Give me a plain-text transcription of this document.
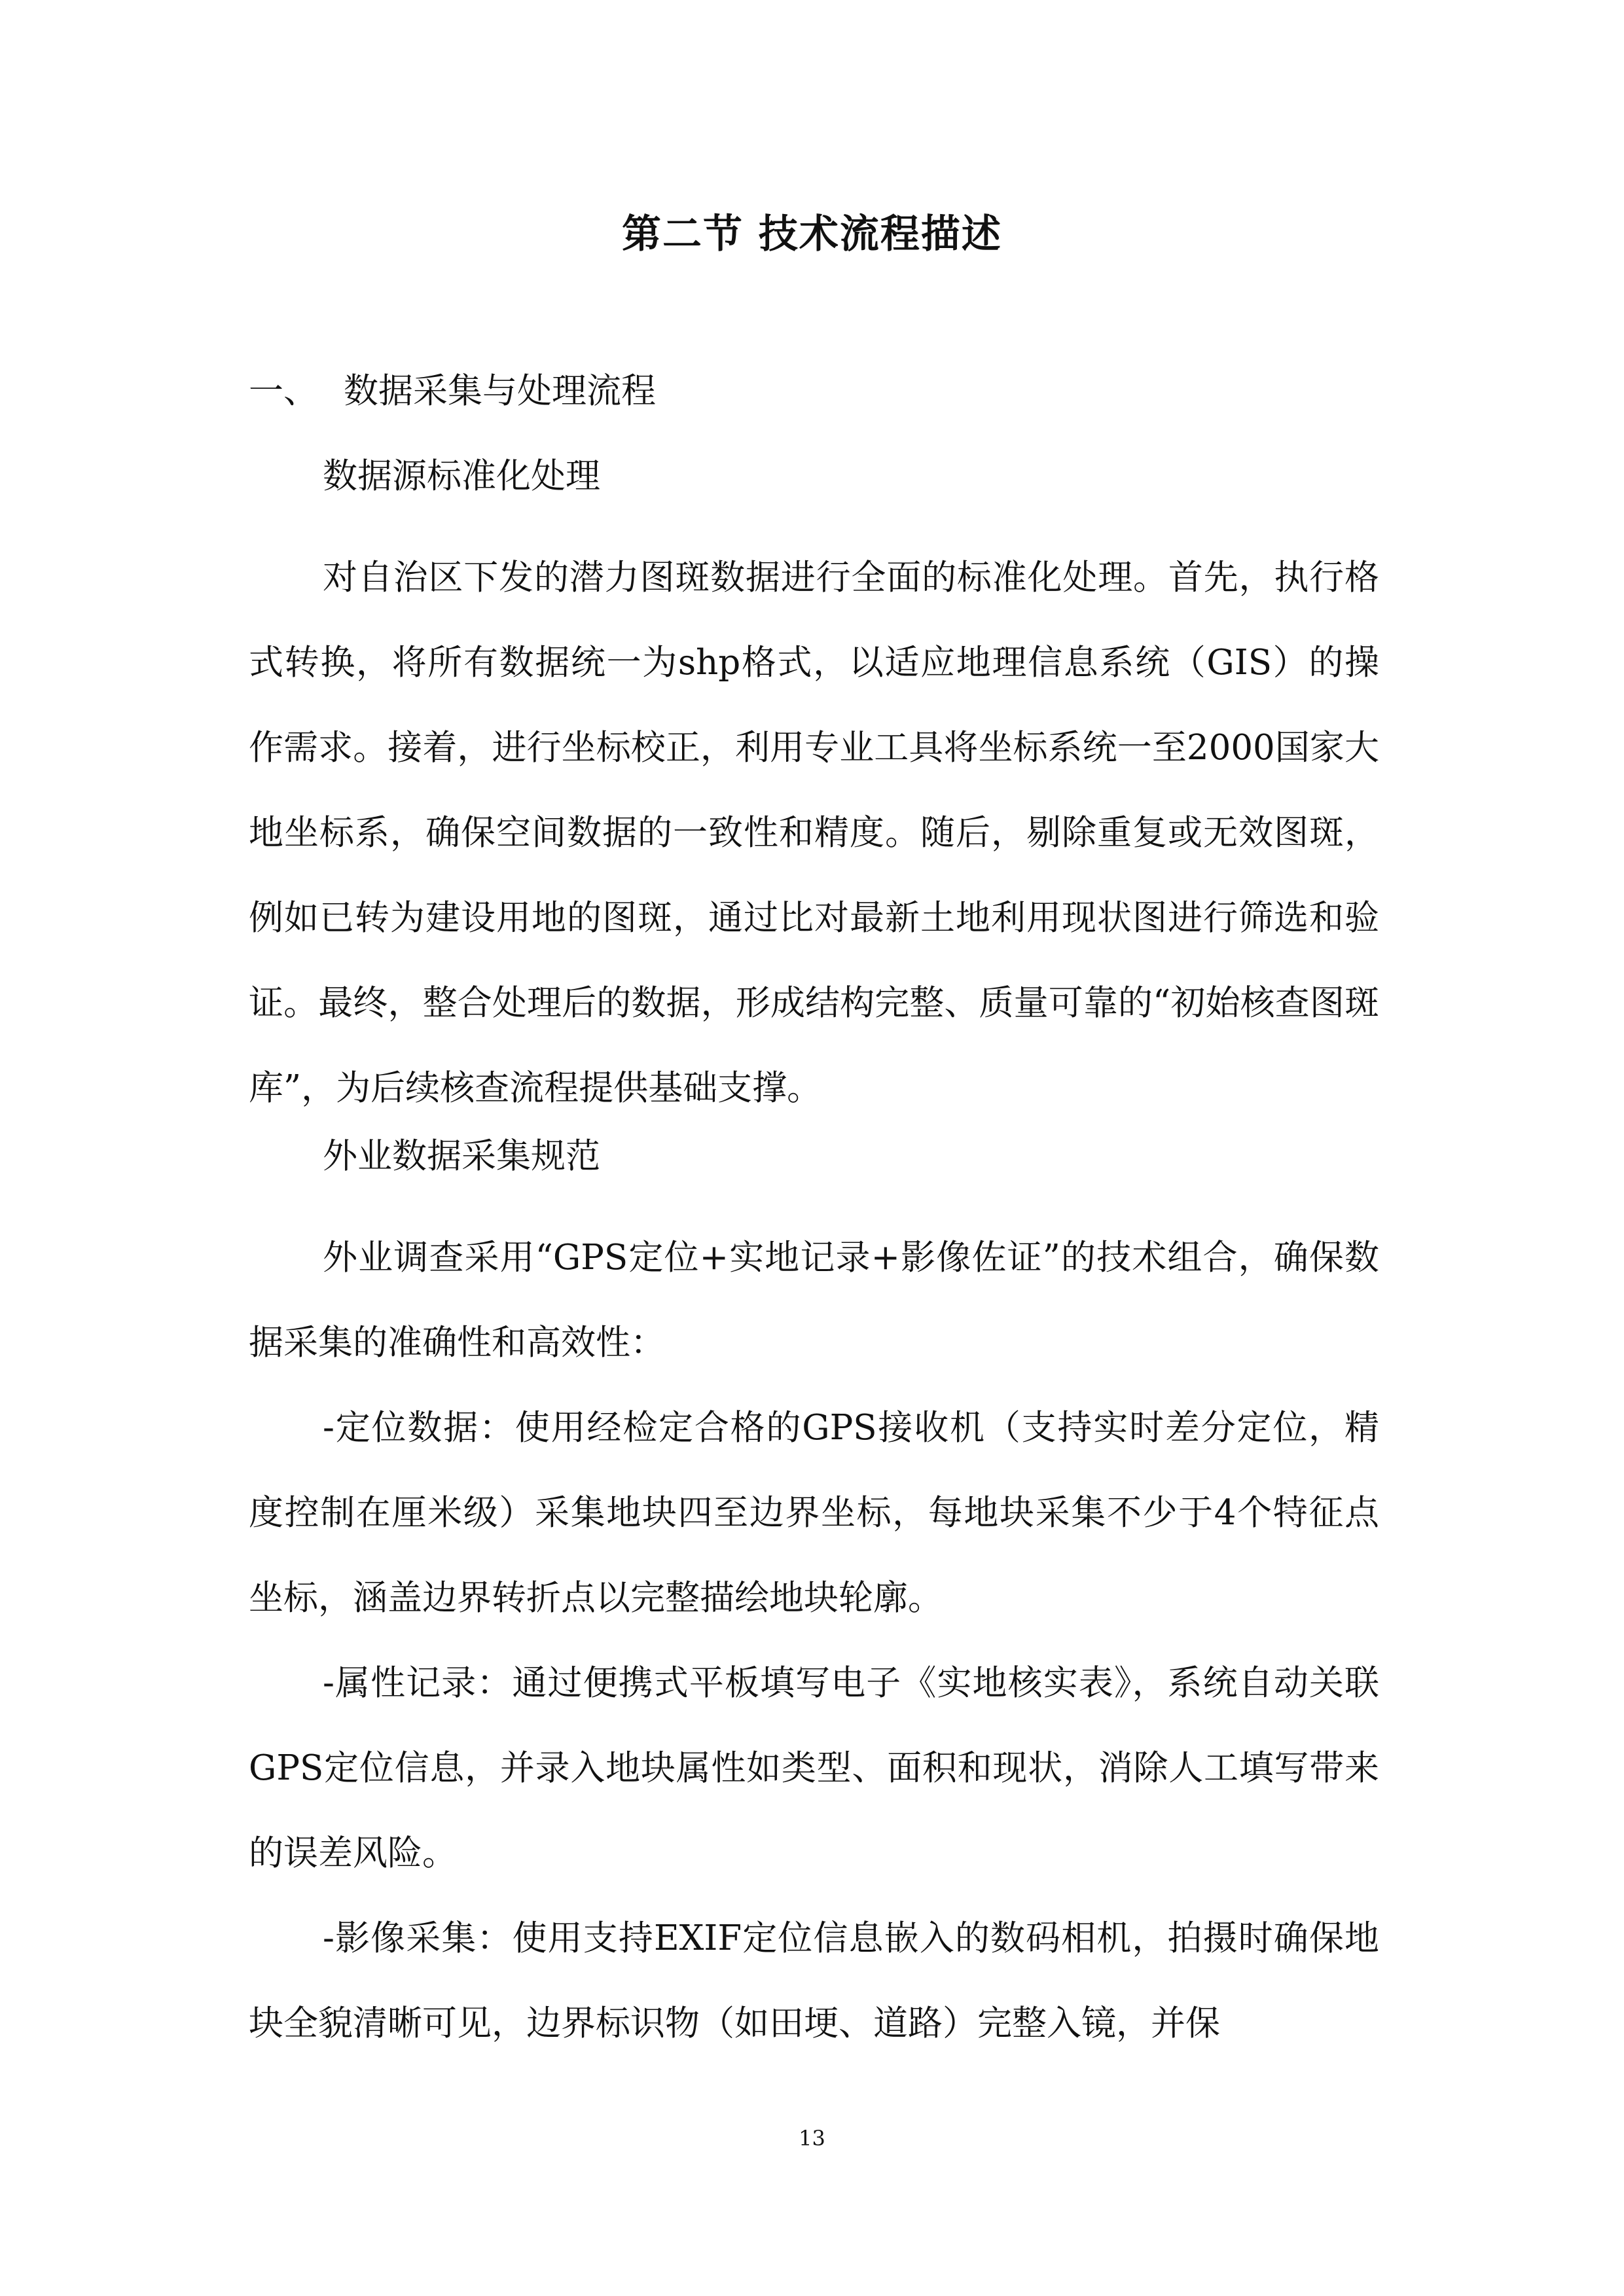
第二节 技术流程描述

一、 数据采集与处理流程

数据源标准化处理

对自治区下发的潜力图斑数据进行全面的标准化处理。首先，执行格式转换，将所有数据统一为shp格式，以适应地理信息系统（GIS）的操作需求。接着，进行坐标校正，利用专业工具将坐标系统一至2000国家大地坐标系，确保空间数据的一致性和精度。随后，剔除重复或无效图斑，例如已转为建设用地的图斑，通过比对最新土地利用现状图进行筛选和验证。最终，整合处理后的数据，形成结构完整、质量可靠的“初始核查图斑库”，为后续核查流程提供基础支撑。

外业数据采集规范

外业调查采用“GPS定位+实地记录+影像佐证”的技术组合，确保数据采集的准确性和高效性：

-定位数据：使用经检定合格的GPS接收机（支持实时差分定位，精度控制在厘米级）采集地块四至边界坐标，每地块采集不少于4个特征点坐标，涵盖边界转折点以完整描绘地块轮廓。

-属性记录：通过便携式平板填写电子《实地核实表》，系统自动关联GPS定位信息，并录入地块属性如类型、面积和现状，消除人工填写带来的误差风险。

-影像采集：使用支持EXIF定位信息嵌入的数码相机，拍摄时确保地块全貌清晰可见，边界标识物（如田埂、道路）完整入镜，并保

13
